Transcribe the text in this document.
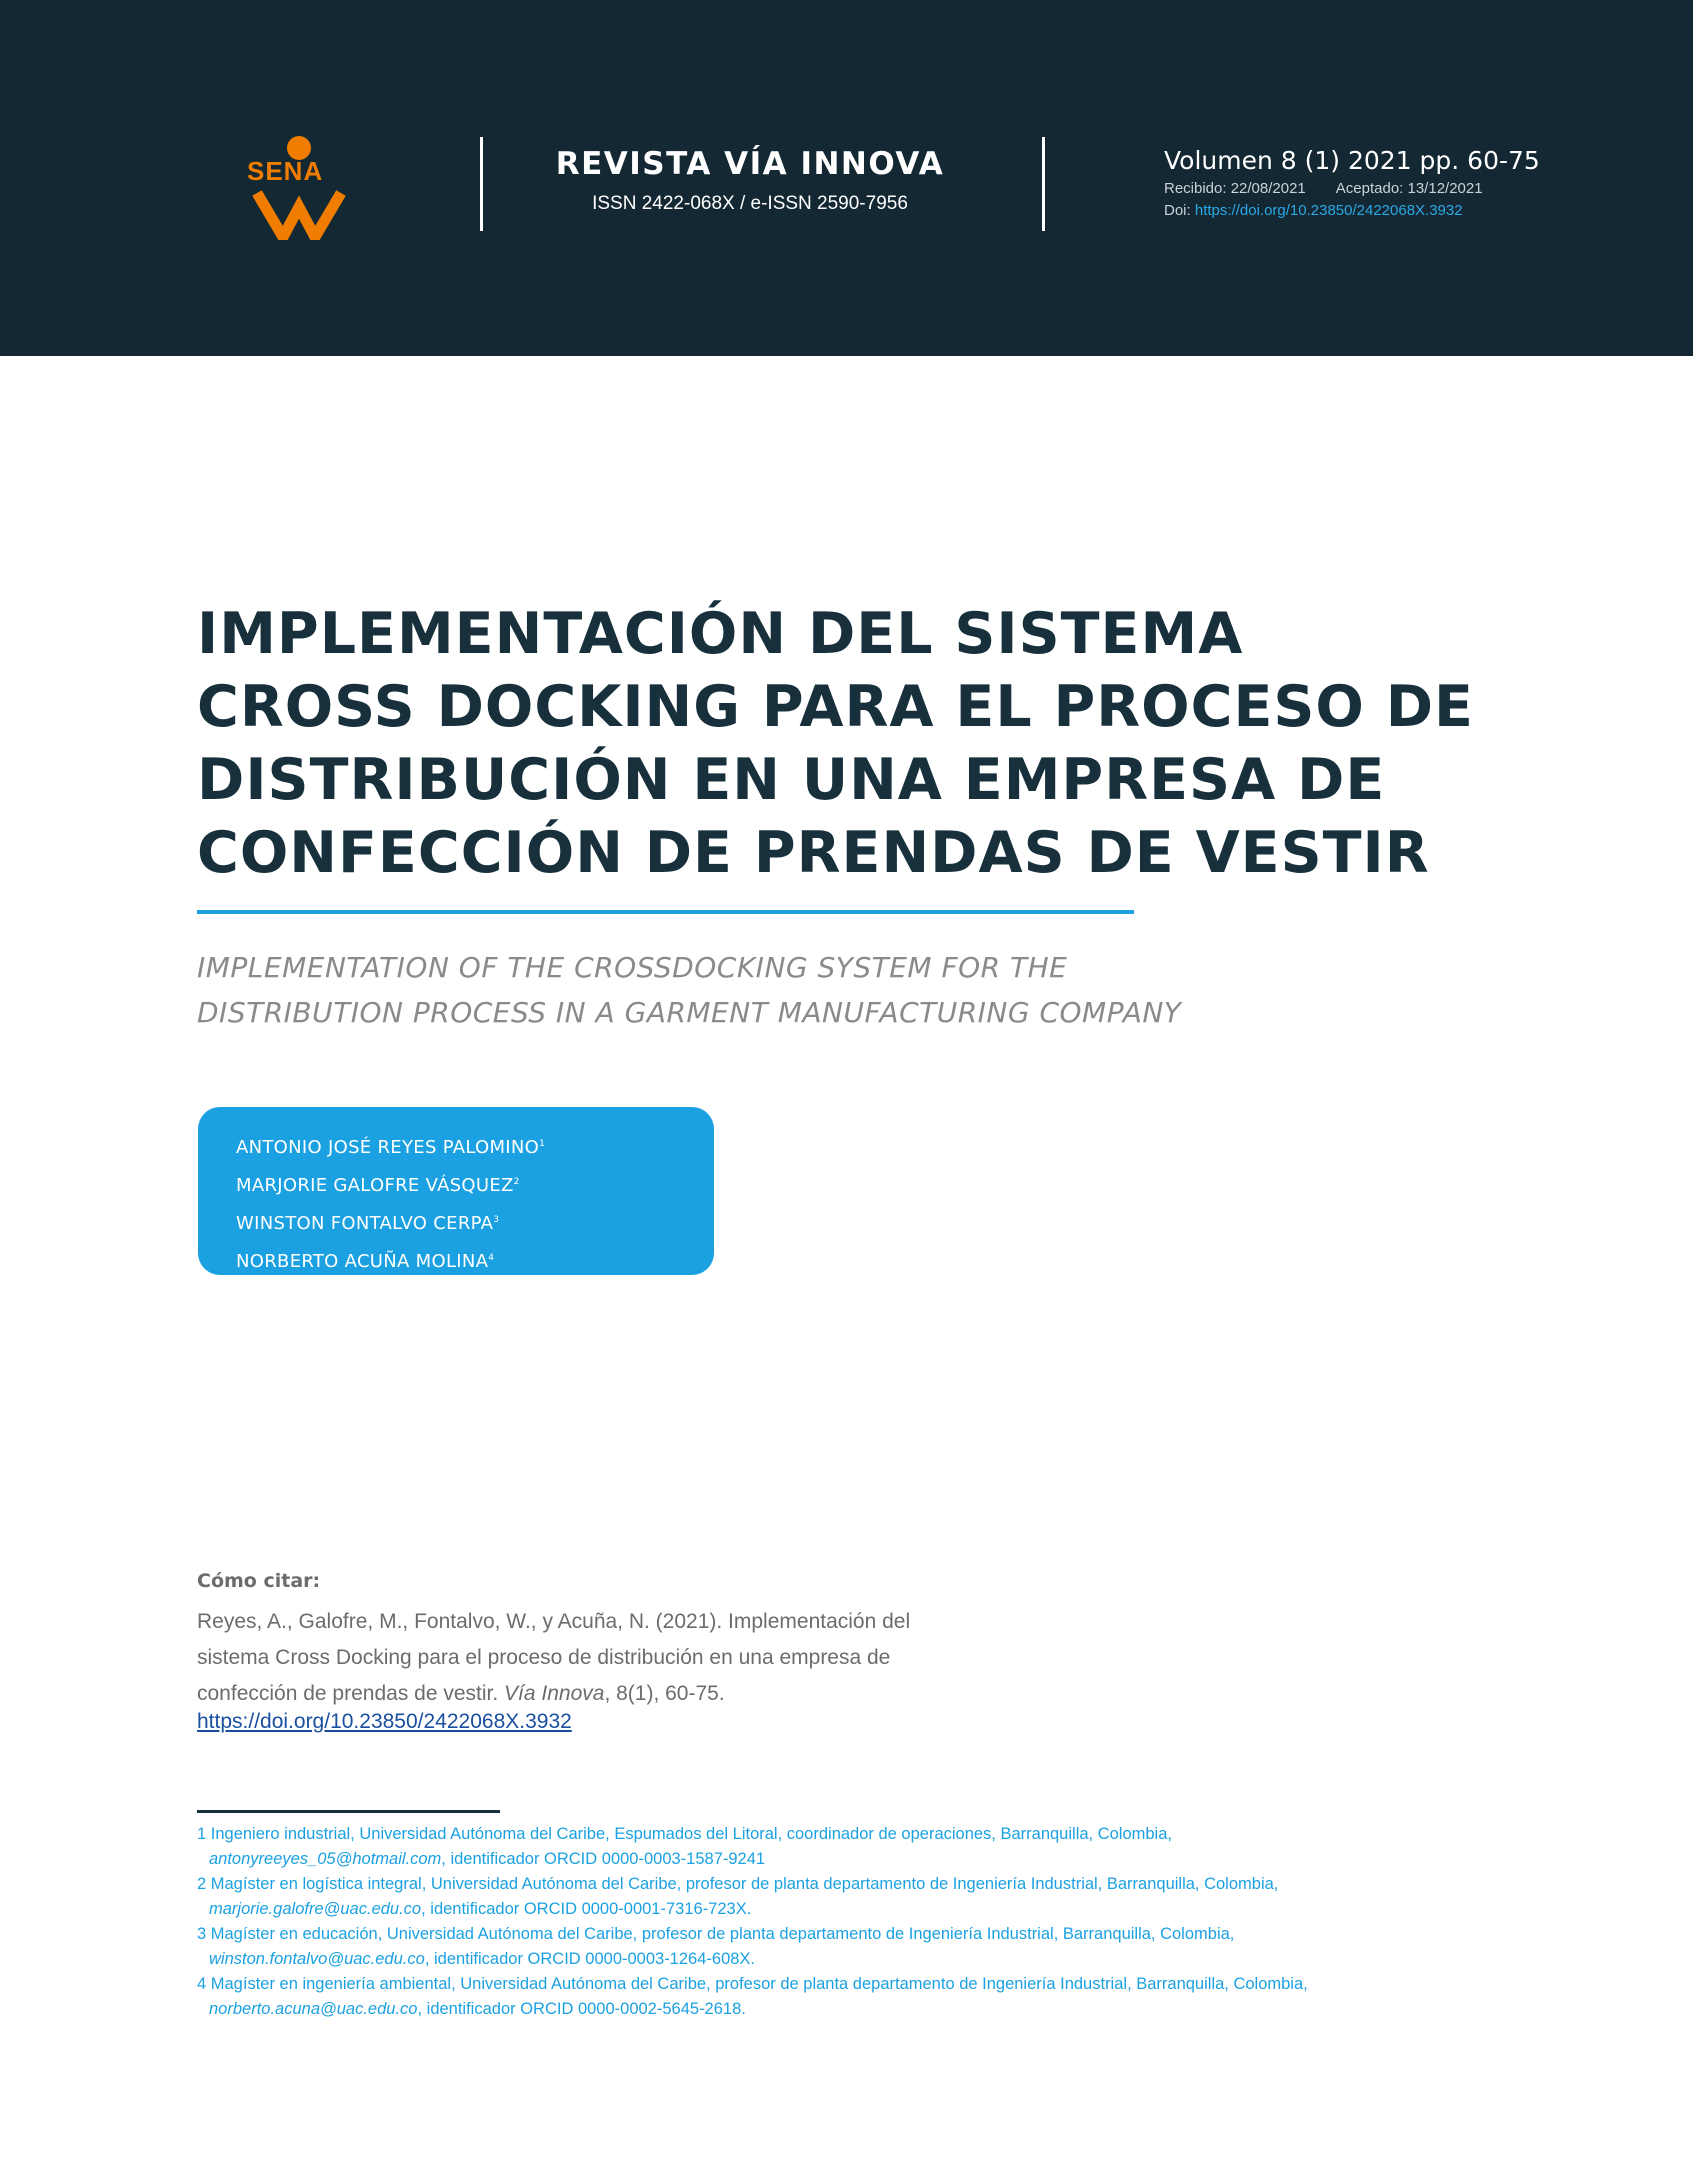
SENA	REVISTA VÍA INNOVA
ISSN 2422-068X / e-ISSN 2590-7956
Volumen 8 (1) 2021 pp. 60-75
Recibido: 22/08/2021 Aceptado: 13/12/2021
Doi: https://doi.org/10.23850/2422068X.3932
IMPLEMENTACIÓN DEL SISTEMA
CROSS DOCKING PARA EL PROCESO DE
DISTRIBUCIÓN EN UNA EMPRESA DE
CONFECCIÓN DE PRENDAS DE VESTIR
IMPLEMENTATION OF THE CROSSDOCKING SYSTEM FOR THE
DISTRIBUTION PROCESS IN A GARMENT MANUFACTURING COMPANY
ANTONIO JOSÉ REYES PALOMINO$^1$
MARJORIE GALOFRE VÁSQUEZ$^2$
WINSTON FONTALVO CERPA$^3$
NORBERTO ACUÑA MOLINA$^4$
Cómo citar:
Reyes, A., Galofre, M., Fontalvo, W., y Acuña, N. (2021). Implementación del
sistema Cross Docking para el proceso de distribución en una empresa de
confección de prendas de vestir. Vía Innova, 8(1), 60-75.
https://doi.org/10.23850/2422068X.3932
1 Ingeniero industrial, Universidad Autónoma del Caribe, Espumados del Litoral, coordinador de operaciones, Barranquilla, Colombia,
antonyreeyes_05@hotmail.com, identificador ORCID 0000-0003-1587-9241
2 Magíster en logística integral, Universidad Autónoma del Caribe, profesor de planta departamento de Ingeniería Industrial, Barranquilla, Colombia,
marjorie.galofre@uac.edu.co, identificador ORCID 0000-0001-7316-723X.
3 Magíster en educación, Universidad Autónoma del Caribe, profesor de planta departamento de Ingeniería Industrial, Barranquilla, Colombia,
winston.fontalvo@uac.edu.co, identificador ORCID 0000-0003-1264-608X.
4 Magíster en ingeniería ambiental, Universidad Autónoma del Caribe, profesor de planta departamento de Ingeniería Industrial, Barranquilla, Colombia,
norberto.acuna@uac.edu.co, identificador ORCID 0000-0002-5645-2618.
